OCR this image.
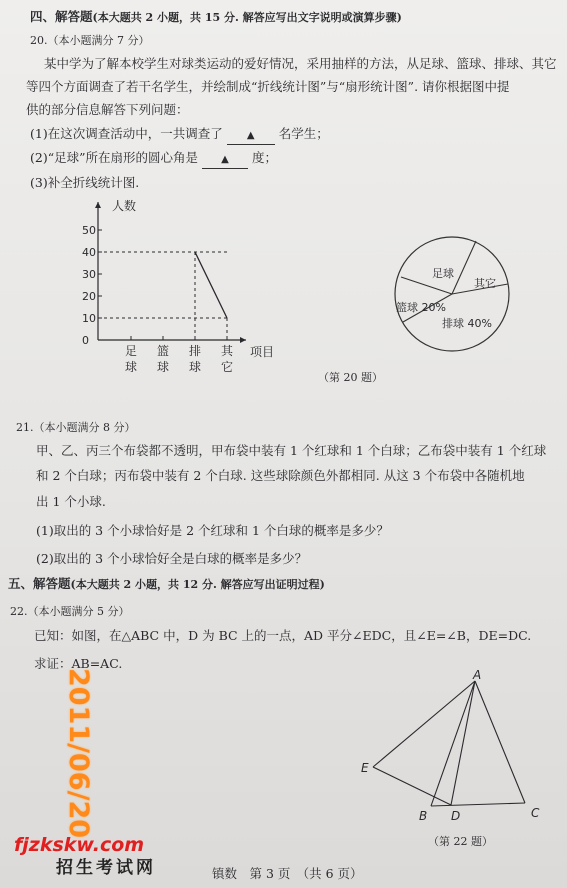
四、解答题(本大题共 2 小题，共 15 分. 解答应写出文字说明或演算步骤)
20.（本小题满分 7 分）
某中学为了解本校学生对球类运动的爱好情况，采用抽样的方法，从足球、篮球、排球、其它
等四个方面调查了若干名学生，并绘制成“折线统计图”与“扇形统计图”. 请你根据图中提
供的部分信息解答下列问题：
(1)在这次调查活动中，一共调查了 ▲ 名学生；
(2)“足球”所在扇形的圆心角是 ▲ 度；
(3)补全折线统计图.
0
10
20
30
40
50
足
球
篮
球
排
球
其
它
人数
项目
足球
其它
排球 40%
篮球 20%
（第 20 题）
21.（本小题满分 8 分）
甲、乙、丙三个布袋都不透明，甲布袋中装有 1 个红球和 1 个白球；乙布袋中装有 1 个红球
和 2 个白球；丙布袋中装有 2 个白球. 这些球除颜色外都相同. 从这 3 个布袋中各随机地
出 1 个小球.
(1)取出的 3 个小球恰好是 2 个红球和 1 个白球的概率是多少？
(2)取出的 3 个小球恰好全是白球的概率是多少？
五、解答题(本大题共 2 小题，共 12 分. 解答应写出证明过程)
22.（本小题满分 5 分）
已知：如图，在△ABC 中，D 为 BC 上的一点，AD 平分∠EDC，且∠E=∠B，DE=DC.
求证：AB=AC.
A
B	C
D
E
（第 22 题）
镇数　第 3 页　（共 6 页）
2011/06/20
fjzkskw.com
招生考试网
